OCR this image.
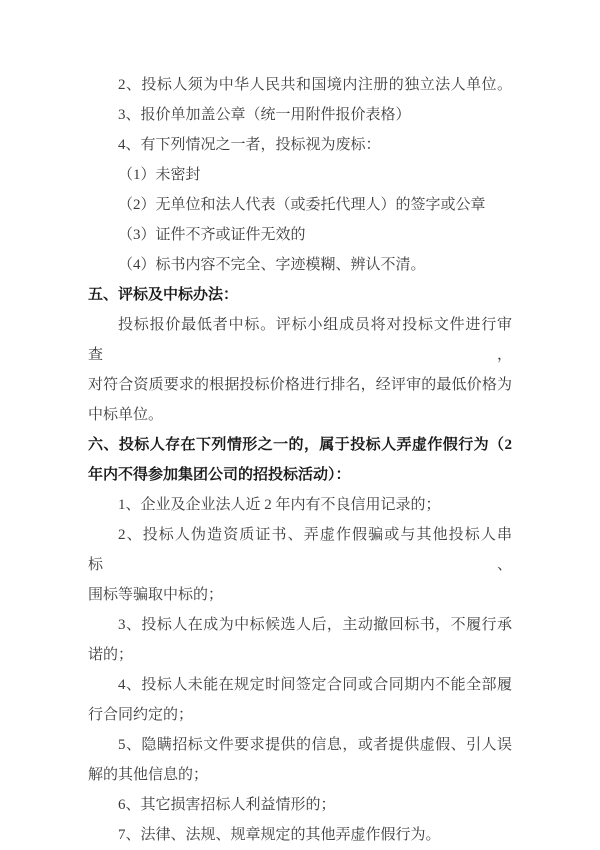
2、投标人须为中华人民共和国境内注册的独立法人单位。

3、报价单加盖公章（统一用附件报价表格）

4、有下列情况之一者，投标视为废标：

（1）未密封

（2）无单位和法人代表（或委托代理人）的签字或公章

（3）证件不齐或证件无效的

（4）标书内容不完全、字迹模糊、辨认不清。

五、评标及中标办法：

投标报价最低者中标。评标小组成员将对投标文件进行审查，

对符合资质要求的根据投标价格进行排名，经评审的最低价格为

中标单位。

六、投标人存在下列情形之一的，属于投标人弄虚作假行为（2

年内不得参加集团公司的招投标活动）：

1、企业及企业法人近 2 年内有不良信用记录的；

2、投标人伪造资质证书、弄虚作假骗或与其他投标人串标、

围标等骗取中标的；

3、投标人在成为中标候选人后，主动撤回标书，不履行承

诺的；

4、投标人未能在规定时间签定合同或合同期内不能全部履

行合同约定的；

5、隐瞒招标文件要求提供的信息，或者提供虚假、引人误

解的其他信息的；

6、其它损害招标人利益情形的；

7、法律、法规、规章规定的其他弄虚作假行为。
